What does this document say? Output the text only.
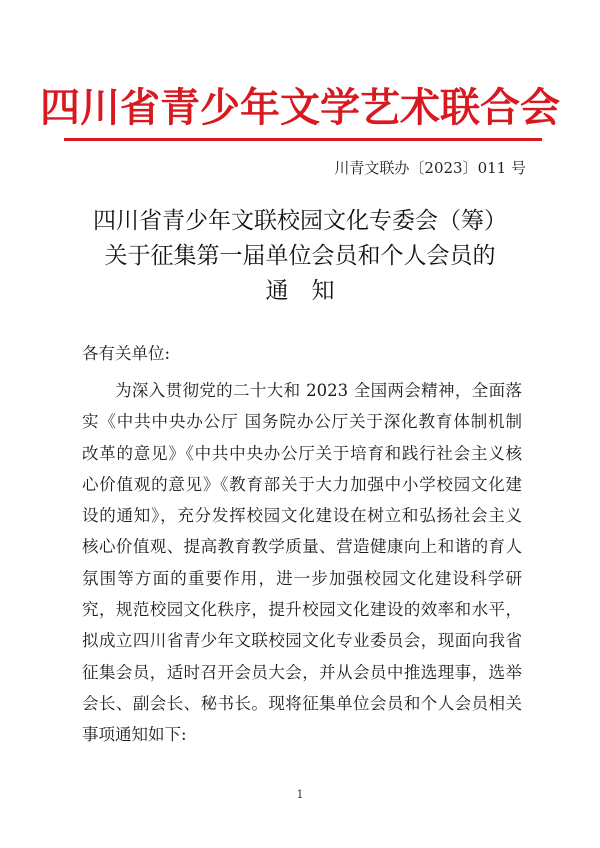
四川省青少年文学艺术联合会
川青文联办〔2023〕011 号
四川省青少年文联校园文化专委会（筹）
关于征集第一届单位会员和个人会员的
通　知
各有关单位:
为深入贯彻党的二十大和 2023 全国两会精神，全面落
实《中共中央办公厅 国务院办公厅关于深化教育体制机制
改革的意见》《中共中央办公厅关于培育和践行社会主义核
心价值观的意见》《教育部关于大力加强中小学校园文化建
设的通知》，充分发挥校园文化建设在树立和弘扬社会主义
核心价值观、提高教育教学质量、营造健康向上和谐的育人
氛围等方面的重要作用，进一步加强校园文化建设科学研
究，规范校园文化秩序，提升校园文化建设的效率和水平，
拟成立四川省青少年文联校园文化专业委员会，现面向我省
征集会员，适时召开会员大会，并从会员中推选理事，选举
会长、副会长、秘书长。现将征集单位会员和个人会员相关
事项通知如下:
1
